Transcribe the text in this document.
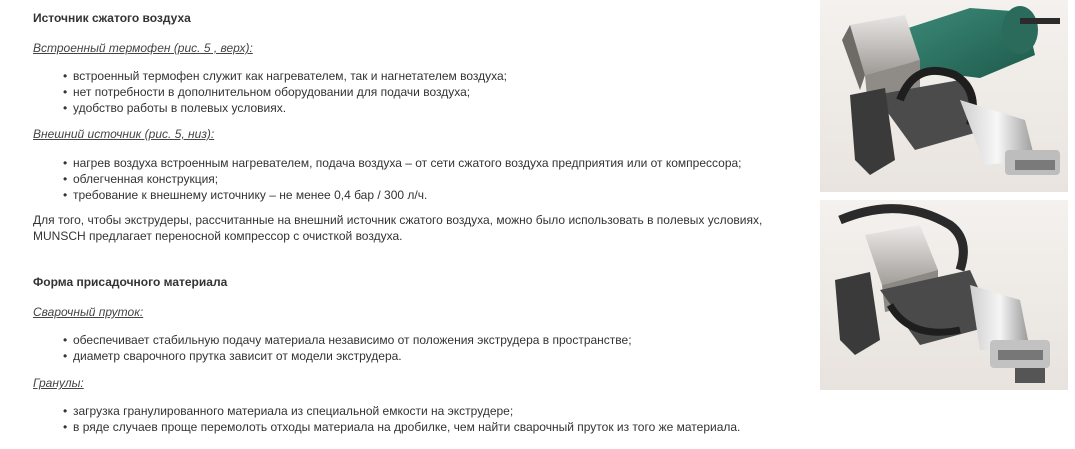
Источник сжатого воздуха

Встроенный термофен (рис. 5 , верх):
• встроенный термофен служит как нагревателем, так и нагнетателем воздуха;
• нет потребности в дополнительном оборудовании для подачи воздуха;
• удобство работы в полевых условиях.
Внешний источник (рис. 5, низ):
• нагрев воздуха встроенным нагревателем, подача воздуха – от сети сжатого воздуха предприятия или от компрессора;
• облегченная конструкция;
• требование к внешнему источнику – не менее 0,4 бар / 300 л/ч.

Для того, чтобы экструдеры, рассчитанные на внешний источник сжатого воздуха, можно было использовать в полевых условиях, MUNSCH предлагает переносной компрессор с очисткой воздуха.

Форма присадочного материала

Сварочный пруток:
• обеспечивает стабильную подачу материала независимо от положения экструдера в пространстве;
• диаметр сварочного прутка зависит от модели экструдера.
Гранулы:
• загрузка гранулированного материала из специальной емкости на экструдере;
• в ряде случаев проще перемолоть отходы материала на дробилке, чем найти сварочный пруток из того же материала.
